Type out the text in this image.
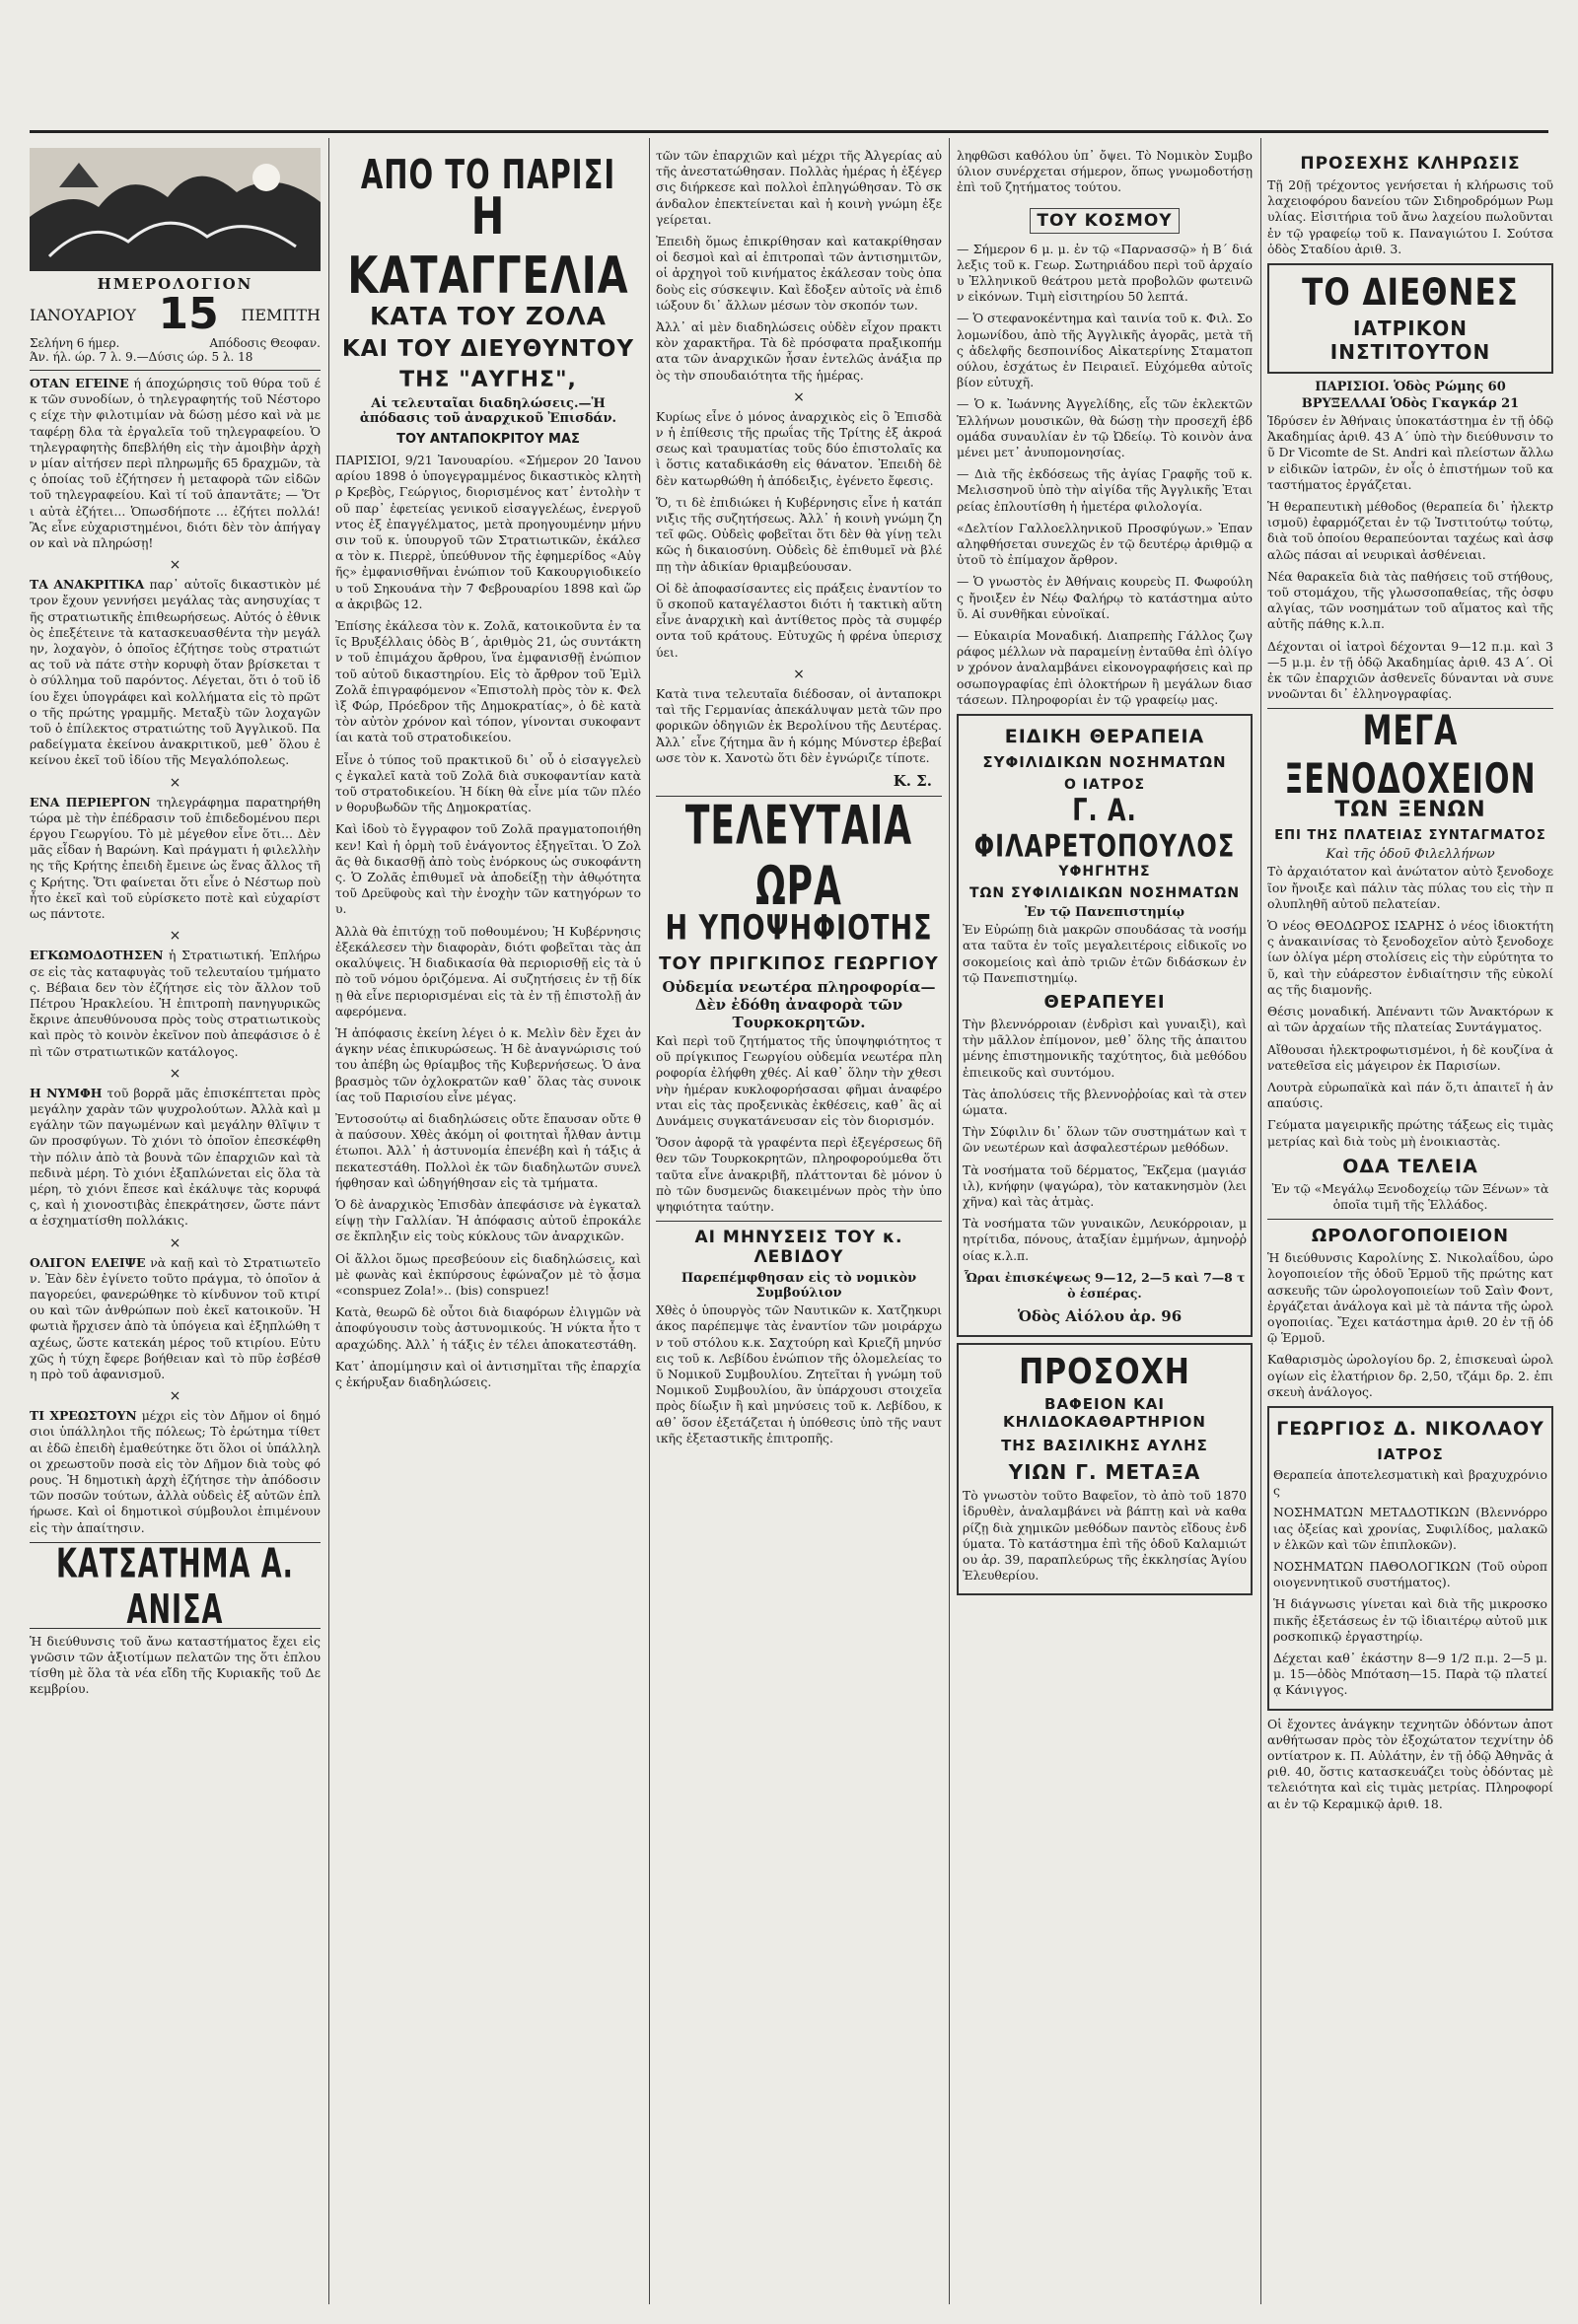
ΗΜΕΡΟΛΟΓΙΟΝ
ΙΑΝΟΥΑΡΙΟΥ 15 ΠΕΜΠΤΗ
Σελήνη 6 ήμερ.	Απόδοσις Θεοφαν.
Άν. ήλ. ώρ. 7 λ. 9.—Δύσις ώρ. 5 λ. 18

ΟΤΑΝ ΕΓΕΙΝΕ ή άποχώρησις τοῦ θύρα τοῦ έκ τῶν συνοδίων, ὁ τηλεγραφητής τοῦ Νέστορος είχε τὴν φιλοτιμίαν νὰ δώσῃ μέσο καὶ νὰ μεταφέρῃ δλα τὰ ἐργαλεῖα τοῦ τηλεγραφείου. Ὁ τηλεγραφητὴς δπεβλήθη εἰς τὴν ἀμοιβὴν ἀρχὴν μίαν αἰτήσεν περὶ πληρωμῆς 65 δραχμῶν, τὰς ὁποίας τοῦ ἐζήτησεν ἡ μεταφορὰ τῶν εἰδῶν τοῦ τηλεγραφείου. Καὶ τί τοῦ ἀπαντᾶτε; — Ὅτι αὐτὰ ἐζήτει... Ὁπωσδήποτε ... ἐζήτει πολλά! Ἂς εἶνε εὐχαριστημένοι, διότι δὲν τὸν ἀπήγαγον καὶ νὰ πληρώσῃ!

×

ΤΑ ΑΝΑΚΡΙΤΙΚΑ παρ᾽ αὐτοῖς δικαστικὸν μέτρον ἔχουν γεννήσει μεγάλας τὰς ανησυχίας τῆς στρατιωτικῆς ἐπιθεωρήσεως. Αὐτός ὁ ἐθνικὸς ἐπεξέτεινε τὰ κατασκευασθέντα τὴν μεγάλην, λοχαγὸν, ὁ ὁποῖος ἐζήτησε τοὺς στρατιώτας τοῦ νὰ πάτε στὴν κορυφὴ ὅταν βρίσκεται τὸ σύλλημα τοῦ παρόντος. Λέγεται, ὅτι ὁ τοῦ ἰδίου ἔχει ὑπογράφει καὶ κολλήματα εἰς τὸ πρῶτο τῆς πρώτης γραμμῆς. Μεταξὺ τῶν λοχαγῶν τοῦ ὁ ἐπίλεκτος στρατιώτης τοῦ Ἀγγλικοῦ. Παραδείγματα ἐκείνου ἀνακριτικοῦ, μεθ᾽ ὅλου ἐκείνου ἐκεῖ τοῦ ἰδίου τῆς Μεγαλόπολεως.

×

ΕΝΑ ΠΕΡΙΕΡΓΟΝ τηλεγράφημα παρατηρήθη τώρα μὲ τὴν ἐπέδρασιν τοῦ ἐπιδεδομένου περιέργου Γεωργίου. Τὸ μὲ μέγεθον εἶνε ὅτι... Δὲν μᾶς εἶδαν ἡ Βαρώνη. Καὶ πράγματι ἡ φιλελλὴνης τῆς Κρήτης ἐπειδὴ ἔμεινε ὡς ἕνας ἄλλος τῆς Κρήτης. Ὅτι φαίνεται ὅτι εἶνε ὁ Νέστωρ ποὺ ἦτο ἐκεῖ καὶ τοῦ εὐρίσκετο ποτὲ καὶ εὐχαρίστως πάντοτε.

×

ΕΓΚΩΜΟΔΟΤΗΣΕΝ ἡ Στρατιωτική. Ἐπλήρωσε εἰς τὰς καταφυγὰς τοῦ τελευταίου τμήματος. Βέβαια δεν τὸν ἐζήτησε εἰς τὸν ἄλλον τοῦ Πέτρου Ἡρακλείου. Ἡ ἐπιτροπὴ πανηγυρικῶς ἔκρινε ἀπευθύνουσα πρὸς τοὺς στρατιωτικοὺς καὶ πρὸς τὸ κοινὸν ἐκεῖνον ποὺ ἀπεφάσισε ὁ ἐπὶ τῶν στρατιωτικῶν κατάλογος.

×

Η ΝΥΜΦΗ τοῦ βορρᾶ μᾶς ἐπισκέπτεται πρὸς μεγάλην χαρὰν τῶν ψυχρολούτων. Ἀλλὰ καὶ μεγάλην τῶν παγωμένων καὶ μεγάλην θλῖψιν τῶν προσφύγων. Τὸ χιόνι τὸ ὁποῖον ἐπεσκέφθη τὴν πόλιν ἀπὸ τὰ βουνὰ τῶν ἐπαρχιῶν καὶ τὰ πεδινὰ μέρη. Τὸ χιόνι ἐξαπλώνεται εἰς ὅλα τὰ μέρη, τὸ χιόνι ἔπεσε καὶ ἐκάλυψε τὰς κορυφάς, καὶ ἡ χιονοστιβὰς ἐπεκράτησεν, ὥστε πάντα ἐσχηματίσθη πολλάκις.

×

ΟΛΙΓΟΝ ΕΛΕΙΨΕ νὰ καῇ καὶ τὸ Στρατιωτεῖον. Ἐὰν δὲν ἐγίνετο τοῦτο πράγμα, τὸ ὁποῖον ἀπαγορεύει, φανερώθηκε τὸ κίνδυνον τοῦ κτιρίου καὶ τῶν ἀνθρώπων ποὺ ἐκεῖ κατοικοῦν. Ἡ φωτιὰ ἤρχισεν ἀπὸ τὰ ὑπόγεια καὶ ἐξηπλώθη ταχέως, ὥστε κατεκάη μέρος τοῦ κτιρίου. Εὐτυχῶς ἡ τύχη ἔφερε βοήθειαν καὶ τὸ πῦρ ἐσβέσθη πρὸ τοῦ ἀφανισμοῦ.

×

ΤΙ ΧΡΕΩΣΤΟΥΝ μέχρι εἰς τὸν Δῆμον οἱ δημόσιοι ὑπάλληλοι τῆς πόλεως; Τὸ ἐρώτημα τίθεται ἐδῶ ἐπειδὴ ἐμαθεύτηκε ὅτι ὅλοι οἱ ὑπάλληλοι χρεωστοῦν ποσὰ εἰς τὸν Δῆμον διὰ τοὺς φόρους. Ἡ δημοτικὴ ἀρχὴ ἐζήτησε τὴν ἀπόδοσιν τῶν ποσῶν τούτων, ἀλλὰ οὐδεὶς ἐξ αὐτῶν ἐπλήρωσε. Καὶ οἱ δημοτικοὶ σύμβουλοι ἐπιμένουν εἰς τὴν ἀπαίτησιν.

ΚΑΤΣΑΤΗΜΑ Α. ΑΝΙΣΑ

Ἡ διεύθυνσις τοῦ ἄνω καταστήματος ἔχει εἰς γνῶσιν τῶν ἀξιοτίμων πελατῶν της ὅτι ἐπλουτίσθη μὲ ὅλα τὰ νέα εἴδη τῆς Κυριακῆς τοῦ Δεκεμβρίου.

ΑΠΟ ΤΟ ΠΑΡΙΣΙ
Η ΚΑΤΑΓΓΕΛΙΑ
ΚΑΤΑ ΤΟΥ ΖΟΛΑ
ΚΑΙ ΤΟΥ ΔΙΕΥΘΥΝΤΟΥ
ΤΗΣ "ΑΥΓΗΣ",
Αἱ τελευταῖαι διαδηλώσεις.—Ἡ ἀπόδασις τοῦ ἀναρχικοῦ Ἐπισδάν.
ΤΟΥ ΑΝΤΑΠΟΚΡΙΤΟΥ ΜΑΣ

ΠΑΡΙΣΙΟΙ, 9/21 Ἰανουαρίου. «Σήμερον 20 Ἰανουαρίου 1898 ὁ ὑπογεγραμμένος δικαστικὸς κλητὴρ Κρεβὸς, Γεώργιος, διορισμένος κατ᾽ ἐντολὴν τοῦ παρ᾽ ἐφετείας γενικοῦ εἰσαγγελέως, ἐνεργοῦντος ἐξ ἐπαγγέλματος, μετὰ προηγουμένην μήνυσιν τοῦ κ. ὑπουργοῦ τῶν Στρατιωτικῶν, ἐκάλεσα τὸν κ. Πιερρὲ, ὑπεύθυνον τῆς ἐφημερίδος «Αὐγῆς» ἐμφανισθῆναι ἐνώπιον τοῦ Κακουργιοδικείου τοῦ Σηκουάνα τὴν 7 Φεβρουαρίου 1898 καὶ ὥρα ἀκριβῶς 12.

Ἐπίσης ἐκάλεσα τὸν κ. Ζολᾶ, κατοικοῦντα ἐν ταῖς Βρυξέλλαις ὁδὸς Β΄, ἀριθμὸς 21, ὡς συντάκτην τοῦ ἐπιμάχου ἄρθρου, ἵνα ἐμφανισθῇ ἐνώπιον τοῦ αὐτοῦ δικαστηρίου. Εἰς τὸ ἄρθρον τοῦ Ἐμὶλ Ζολᾶ ἐπιγραφόμενον «Ἐπιστολὴ πρὸς τὸν κ. Φελὶξ Φώρ, Πρόεδρον τῆς Δημοκρατίας», ὁ δὲ κατὰ τὸν αὐτὸν χρόνον καὶ τόπον, γίνονται συκοφαντίαι κατὰ τοῦ στρατοδικείου.

Εἶνε ὁ τύπος τοῦ πρακτικοῦ δι᾽ οὗ ὁ εἰσαγγελεὺς ἐγκαλεῖ κατὰ τοῦ Ζολᾶ διὰ συκοφαντίαν κατὰ τοῦ στρατοδικείου. Ἡ δίκη θὰ εἶνε μία τῶν πλέον θορυβωδῶν τῆς Δημοκρατίας.

Καὶ ἰδοὺ τὸ ἔγγραφον τοῦ Ζολᾶ πραγματοποιήθηκεν! Καὶ ἡ ὁρμὴ τοῦ ἐνάγοντος ἐξηγεῖται. Ὁ Ζολᾶς θὰ δικασθῇ ἀπὸ τοὺς ἐνόρκους ὡς συκοφάντης. Ὁ Ζολᾶς ἐπιθυμεῖ νὰ ἀποδείξῃ τὴν ἀθῳότητα τοῦ Δρεϋφοὺς καὶ τὴν ἐνοχὴν τῶν κατηγόρων του.

Ἀλλὰ θὰ ἐπιτύχῃ τοῦ ποθουμένου; Ἡ Κυβέρνησις ἐξεκάλεσεν τὴν διαφορὰν, διότι φοβεῖται τὰς ἀποκαλύψεις. Ἡ διαδικασία θὰ περιορισθῇ εἰς τὰ ὑπὸ τοῦ νόμου ὁριζόμενα. Αἱ συζητήσεις ἐν τῇ δίκῃ θὰ εἶνε περιορισμέναι εἰς τὰ ἐν τῇ ἐπιστολῇ ἀναφερόμενα.

Ἡ ἀπόφασις ἐκείνη λέγει ὁ κ. Μελὶν δὲν ἔχει ἀνάγκην νέας ἐπικυρώσεως. Ἡ δὲ ἀναγνώρισις τούτου ἀπέβη ὡς θρίαμβος τῆς Κυβερνήσεως. Ὁ ἀναβρασμὸς τῶν ὀχλοκρατῶν καθ᾽ ὅλας τὰς συνοικίας τοῦ Παρισίου εἶνε μέγας.

Ἐντοσούτῳ αἱ διαδηλώσεις οὔτε ἔπαυσαν οὔτε θὰ παύσουν. Χθὲς ἀκόμη οἱ φοιτηταὶ ἦλθαν ἀντιμέτωποι. Ἀλλ᾽ ἡ ἀστυνομία ἐπενέβη καὶ ἡ τάξις ἀπεκατεστάθη. Πολλοὶ ἐκ τῶν διαδηλωτῶν συνελήφθησαν καὶ ὡδηγήθησαν εἰς τὰ τμήματα.

Ὁ δὲ ἀναρχικὸς Ἐπισδὰν ἀπεφάσισε νὰ ἐγκαταλείψῃ τὴν Γαλλίαν. Ἡ ἀπόφασις αὐτοῦ ἐπροκάλεσε ἔκπληξιν εἰς τοὺς κύκλους τῶν ἀναρχικῶν.

Οἱ ἄλλοι ὅμως πρεσβεύουν εἰς διαδηλώσεις, καὶ μὲ φωνὰς καὶ ἐκπύρσους ἐφώναζον μὲ τὸ ᾆσμα «conspuez Zola!».. (bis) conspuez!

Κατὰ, θεωρῶ δὲ οὗτοι διὰ διαφόρων ἐλιγμῶν νὰ ἀποφύγουσιν τοὺς ἀστυνομικούς. Ἡ νύκτα ἦτο ταραχώδης. Ἀλλ᾽ ἡ τάξις ἐν τέλει ἀποκατεστάθη.

Κατ᾽ ἀπομίμησιν καὶ οἱ ἀντισημῖται τῆς ἐπαρχίας ἐκήρυξαν διαδηλώσεις.

τῶν τῶν ἐπαρχιῶν καὶ μέχρι τῆς Ἀλγερίας αὐτῆς ἀνεστατώθησαν. Πολλὰς ἡμέρας ἡ ἐξέγερσις διήρκεσε καὶ πολλοὶ ἐπληγώθησαν. Τὸ σκάνδαλον ἐπεκτείνεται καὶ ἡ κοινὴ γνώμη ἐξεγείρεται.

Ἐπειδὴ ὅμως ἐπικρίθησαν καὶ κατακρίθησαν οἱ δεσμοὶ καὶ αἱ ἐπιτροπαὶ τῶν ἀντισημιτῶν, οἱ ἀρχηγοὶ τοῦ κινήματος ἐκάλεσαν τοὺς ὀπαδοὺς εἰς σύσκεψιν. Καὶ ἔδοξεν αὐτοῖς νὰ ἐπιδιώξουν δι᾽ ἄλλων μέσων τὸν σκοπόν των.

Ἀλλ᾽ αἱ μὲν διαδηλώσεις οὐδὲν εἶχον πρακτικὸν χαρακτῆρα. Τὰ δὲ πρόσφατα πραξικοπήματα τῶν ἀναρχικῶν ἦσαν ἐντελῶς ἀνάξια πρὸς τὴν σπουδαιότητα τῆς ἡμέρας.

×

Κυρίως εἶνε ὁ μόνος ἀναρχικὸς εἰς ὃ Ἐπισδὰν ἡ ἐπίθεσις τῆς πρωΐας τῆς Τρίτης ἐξ ἀκροάσεως καὶ τραυματίας τοῦς δύο ἐπιστολαῖς καὶ ὅστις καταδικάσθη εἰς θάνατον. Ἐπειδὴ δὲ δὲν κατωρθώθη ἡ ἀπόδειξις, ἐγένετο ἔφεσις.

Ὅ, τι δὲ ἐπιδιώκει ἡ Κυβέρνησις εἶνε ἡ κατάπνιξις τῆς συζητήσεως. Ἀλλ᾽ ἡ κοινὴ γνώμη ζητεῖ φῶς. Οὐδεὶς φοβεῖται ὅτι δὲν θὰ γίνῃ τελικῶς ἡ δικαιοσύνη. Οὐδεὶς δὲ ἐπιθυμεῖ νὰ βλέπῃ τὴν ἀδικίαν θριαμβεύουσαν.

Οἱ δὲ ἀποφασίσαντες εἰς πράξεις ἐναντίον τοῦ σκοποῦ καταγέλαστοι διότι ἡ τακτικὴ αὕτη εἶνε ἀναρχικὴ καὶ ἀντίθετος πρὸς τὰ συμφέροντα τοῦ κράτους. Εὐτυχῶς ἡ φρένα ὑπερισχύει.

×

Κατὰ τινα τελευταῖα διέδοσαν, οἱ ἀνταποκριταὶ τῆς Γερμανίας ἀπεκάλυψαν μετὰ τῶν προφορικῶν ὁδηγιῶν ἐκ Βερολίνου τῆς Δευτέρας. Ἀλλ᾽ εἶνε ζήτημα ἂν ἡ κόμης Μύνστερ ἐβεβαίωσε τὸν κ. Χανοτὼ ὅτι δὲν ἐγνώριζε τίποτε.

Κ. Σ.
ΤΕΛΕΥΤΑΙΑ ΩΡΑ
Η ΥΠΟΨΗΦΙΟΤΗΣ
ΤΟΥ ΠΡΙΓΚΙΠΟΣ ΓΕΩΡΓΙΟΥ
Οὐδεμία νεωτέρα πληροφορία—Δὲν ἐδόθη ἀναφορὰ τῶν Τουρκοκρητῶν.

Καὶ περὶ τοῦ ζητήματος τῆς ὑποψηφιότητος τοῦ πρίγκιπος Γεωργίου οὐδεμία νεωτέρα πληροφορία ἐλήφθη χθές. Αἱ καθ᾽ ὅλην τὴν χθεσινὴν ἡμέραν κυκλοφορήσασαι φῆμαι ἀναφέρονται εἰς τὰς προξενικὰς ἐκθέσεις, καθ᾽ ἃς αἱ Δυνάμεις συγκατάνευσαν εἰς τὸν διορισμόν.

Ὅσον ἀφορᾷ τὰ γραφέντα περὶ ἐξεγέρσεως δῆθεν τῶν Τουρκοκρητῶν, πληροφορούμεθα ὅτι ταῦτα εἶνε ἀνακριβῆ, πλάττονται δὲ μόνον ὑπὸ τῶν δυσμενῶς διακειμένων πρὸς τὴν ὑποψηφιότητα ταύτην.

ΑΙ ΜΗΝΥΣΕΙΣ ΤΟΥ κ. ΛΕΒΙΔΟΥ
Παρεπέμφθησαν εἰς τὸ νομικὸν Συμβούλιον

Χθὲς ὁ ὑπουργὸς τῶν Ναυτικῶν κ. Χατζηκυριάκος παρέπεμψε τὰς ἐναντίον τῶν μοιράρχων τοῦ στόλου κ.κ. Σαχτούρη καὶ Κριεζῆ μηνύσεις τοῦ κ. Λεβίδου ἐνώπιον τῆς ὁλομελείας τοῦ Νομικοῦ Συμβουλίου. Ζητεῖται ἡ γνώμη τοῦ Νομικοῦ Συμβουλίου, ἂν ὑπάρχουσι στοιχεῖα πρὸς δίωξιν ἢ καὶ μηνύσεις τοῦ κ. Λεβίδου, καθ᾽ ὅσον ἐξετάζεται ἡ ὑπόθεσις ὑπὸ τῆς ναυτικῆς ἐξεταστικῆς ἐπιτροπῆς.

ληφθῶσι καθόλου ὑπ᾽ ὄψει. Τὸ Νομικὸν Συμβούλιον συνέρχεται σήμερον, ὅπως γνωμοδοτήσῃ ἐπὶ τοῦ ζητήματος τούτου.

ΤΟΥ ΚΟΣΜΟΥ

— Σήμερον 6 μ. μ. ἐν τῷ «Παρνασσῷ» ἡ Β΄ διάλεξις τοῦ κ. Γεωρ. Σωτηριάδου περὶ τοῦ ἀρχαίου Ἑλληνικοῦ θεάτρου μετὰ προβολῶν φωτεινῶν εἰκόνων. Τιμὴ εἰσιτηρίου 50 λεπτά.

— Ὁ στεφανοκέντημα καὶ ταινία τοῦ κ. Φιλ. Σολομωνίδου, ἀπὸ τῆς Ἀγγλικῆς ἀγορᾶς, μετὰ τῆς ἀδελφῆς δεσποινίδος Αἰκατερίνης Σταματοπούλου, ἐσχάτως ἐν Πειραιεῖ. Εὐχόμεθα αὐτοῖς βίον εὐτυχῆ.

— Ὁ κ. Ἰωάννης Ἀγγελίδης, εἷς τῶν ἐκλεκτῶν Ἑλλήνων μουσικῶν, θὰ δώσῃ τὴν προσεχῆ ἑβδομάδα συναυλίαν ἐν τῷ Ὠδείῳ. Τὸ κοινὸν ἀναμένει μετ᾽ ἀνυπομονησίας.

— Διὰ τῆς ἐκδόσεως τῆς ἀγίας Γραφῆς τοῦ κ. Μελισσηνοῦ ὑπὸ τὴν αἰγίδα τῆς Ἀγγλικῆς Ἐταιρείας ἐπλουτίσθη ἡ ἡμετέρα φιλολογία.

«Δελτίον Γαλλοελληνικοῦ Προσφύγων.» Ἐπαναληφθήσεται συνεχῶς ἐν τῷ δευτέρῳ ἀριθμῷ αὐτοῦ τὸ ἐπίμαχον ἄρθρον.

— Ὁ γνωστὸς ἐν Ἀθήναις κουρεὺς Π. Φωφούλης ἤνοιξεν ἐν Νέῳ Φαλήρῳ τὸ κατάστημα αὐτοῦ. Αἱ συνθῆκαι εὐνοϊκαί.

— Εὐκαιρία Μοναδική. Διαπρεπὴς Γάλλος ζωγράφος μέλλων νὰ παραμείνῃ ἐνταῦθα ἐπὶ ὀλίγον χρόνον ἀναλαμβάνει εἰκονογραφήσεις καὶ προσωπογραφίας ἐπὶ ὁλοκτήρων ἢ μεγάλων διαστάσεων. Πληροφορίαι ἐν τῷ γραφείῳ μας.

ΕΙΔΙΚΗ ΘΕΡΑΠΕΙΑ
ΣΥΦΙΛΙΔΙΚΩΝ ΝΟΣΗΜΑΤΩΝ
Ο ΙΑΤΡΟΣ
Γ. Α. ΦΙΛΑΡΕΤΟΠΟΥΛΟΣ
ΥΦΗΓΗΤΗΣ
ΤΩΝ ΣΥΦΙΛΙΔΙΚΩΝ ΝΟΣΗΜΑΤΩΝ
Ἐν τῷ Πανεπιστημίῳ

Ἐν Εὐρώπῃ διὰ μακρῶν σπουδάσας τὰ νοσήματα ταῦτα ἐν τοῖς μεγαλειτέροις εἰδικοῖς νοσοκομείοις καὶ ἀπὸ τριῶν ἐτῶν διδάσκων ἐν τῷ Πανεπιστημίῳ.

ΘΕΡΑΠΕΥΕΙ

Τὴν βλεννόρροιαν (ἐνδρὶσι καὶ γυναιξὶ), καὶ τὴν μᾶλλον ἐπίμονον, μεθ᾽ ὅλης τῆς ἀπαιτουμένης ἐπιστημονικῆς ταχύτητος, διὰ μεθόδου ἐπιεικοῦς καὶ συντόμου.

Τὰς ἀπολύσεις τῆς βλεννοῤῥοίας καὶ τὰ στενώματα.

Τὴν Σύφιλιν δι᾽ ὅλων τῶν συστημάτων καὶ τῶν νεωτέρων καὶ ἀσφαλεστέρων μεθόδων.

Τὰ νοσήματα τοῦ δέρματος, Ἔκζεμα (μαγιάσιλ), κνήφην (ψαγώρα), τὸν κατακνησμὸν (λειχῆνα) καὶ τὰς ἀτμὰς.

Τὰ νοσήματα τῶν γυναικῶν, Λευκόρροιαν, μητρίτιδα, πόνους, ἀταξίαν ἐμμήνων, ἀμηνοῤῥοίας κ.λ.π.

Ὧραι ἐπισκέψεως 9—12, 2—5 καὶ 7—8 τὸ ἑσπέρας.

Ὁδὸς Αἰόλου ἀρ. 96
ΠΡΟΣΟΧΗ
ΒΑΦΕΙΟΝ ΚΑΙ ΚΗΛΙΔΟΚΑΘΑΡΤΗΡΙΟΝ
ΤΗΣ ΒΑΣΙΛΙΚΗΣ ΑΥΛΗΣ
ΥΙΩΝ Γ. ΜΕΤΑΞΑ

Τὸ γνωστὸν τοῦτο Βαφεῖον, τὸ ἀπὸ τοῦ 1870 ἱδρυθὲν, ἀναλαμβάνει νὰ βάπτῃ καὶ νὰ καθαρίζῃ διὰ χημικῶν μεθόδων παντὸς εἴδους ἐνδύματα. Τὸ κατάστημα ἐπὶ τῆς ὁδοῦ Καλαμιώτου ἀρ. 39, παραπλεύρως τῆς ἐκκλησίας Ἁγίου Ἐλευθερίου.

ΠΡΟΣΕΧΗΣ ΚΛΗΡΩΣΙΣ

Τῇ 20ῇ τρέχοντος γενήσεται ἡ κλήρωσις τοῦ λαχειοφόρου δανείου τῶν Σιδηροδρόμων Ρωμυλίας. Εἰσιτήρια τοῦ ἄνω λαχείου πωλοῦνται ἐν τῷ γραφείῳ τοῦ κ. Παναγιώτου Ι. Σούτσα ὁδὸς Σταδίου ἀριθ. 3.

ΤΟ ΔΙΕΘΝΕΣ
ΙΑΤΡΙΚΟΝ ΙΝΣΤΙΤΟΥΤΟΝ
ΠΑΡΙΣΙΟΙ. Ὁδὸς Ρώμης 60
ΒΡΥΞΕΛΛΑΙ Ὁδὸς Γκαγκάρ 21

Ἱδρύσεν ἐν Ἀθήναις ὑποκατάστημα ἐν τῇ ὁδῷ Ἀκαδημίας ἀριθ. 43 Α΄ ὑπὸ τὴν διεύθυνσιν τοῦ Dr Vicomte de St. Andri καὶ πλείστων ἄλλων εἰδικῶν ἰατρῶν, ἐν οἷς ὁ ἐπιστήμων τοῦ καταστήματος ἐργάζεται.

Ἡ θεραπευτικὴ μέθοδος (θεραπεία δι᾽ ἠλεκτρισμοῦ) ἐφαρμόζεται ἐν τῷ Ἰνστιτούτῳ τούτῳ, διὰ τοῦ ὁποίου θεραπεύονται ταχέως καὶ ἀσφαλῶς πάσαι αἱ νευρικαὶ ἀσθένειαι.

Νέα θαρακεῖα διὰ τὰς παθήσεις τοῦ στήθους, τοῦ στομάχου, τῆς γλωσσοπαθείας, τῆς ὀσφυαλγίας, τῶν νοσημάτων τοῦ αἵματος καὶ τῆς αὐτῆς πάθης κ.λ.π.

Δέχονται οἱ ἰατροὶ δέχονται 9—12 π.μ. καὶ 3—5 μ.μ. ἐν τῇ ὁδῷ Ἀκαδημίας ἀριθ. 43 Α΄. Οἱ ἐκ τῶν ἐπαρχιῶν ἀσθενεῖς δύνανται νὰ συνεννοῶνται δι᾽ ἐλληνογραφίας.

ΜΕΓΑ ΞΕΝΟΔΟΧΕΙΟΝ
ΤΩΝ ΞΕΝΩΝ
ΕΠΙ ΤΗΣ ΠΛΑΤΕΙΑΣ ΣΥΝΤΑΓΜΑΤΟΣ
Καὶ τῆς ὁδοῦ Φιλελλήνων

Τὸ ἀρχαιότατον καὶ ἀνώτατον αὐτὸ ξενοδοχεῖον ἤνοιξε καὶ πάλιν τὰς πύλας του εἰς τὴν πολυπληθῆ αὐτοῦ πελατείαν.

Ὁ νέος ΘΕΟΔΩΡΟΣ ΙΣΑΡΗΣ ὁ νέος ἰδιοκτήτης ἀνακαινίσας τὸ ξενοδοχεῖον αὐτὸ ξενοδοχείων ὀλίγα μέρη στολίσεις εἰς τὴν εὐρύτητα τοῦ, καὶ τὴν εὐάρεστον ἐνδιαίτησιν τῆς εὐκολίας τῆς διαμονῆς.

Θέσις μοναδική. Ἀπέναντι τῶν Ἀνακτόρων καὶ τῶν ἀρχαίων τῆς πλατείας Συντάγματος.

Αἴθουσαι ἠλεκτροφωτισμένοι, ἡ δὲ κουζίνα ἀνατεθεῖσα εἰς μάγειρον ἐκ Παρισίων.

Λουτρὰ εὐρωπαϊκὰ καὶ πάν ὅ,τι ἀπαιτεῖ ἡ ἀναπαύσις.

Γεύματα μαγειρικῆς πρώτης τάξεως εἰς τιμὰς μετρίας καὶ διὰ τοὺς μὴ ἐνοικιαστὰς.

ΟΔΑ ΤΕΛΕΙΑ

Ἐν τῷ «Μεγάλῳ Ξενοδοχείῳ τῶν Ξένων» τὰ ὁποῖα τιμῆ τῆς Ἑλλάδος.

ΩΡΟΛΟΓΟΠΟΙΕΙΟΝ

Ἡ διεύθυνσις Καρολίνης Σ. Νικολαΐδου, ὡρολογοποιείον τῆς ὁδοῦ Ἑρμοῦ τῆς πρώτης κατασκευῆς τῶν ὡρολογοποιείων τοῦ Σαὶν Φοντ, ἐργάζεται ἀνάλογα καὶ μὲ τὰ πάντα τῆς ὡρολογοποιίας. Ἔχει κατάστημα ἀριθ. 20 ἐν τῇ ὁδῷ Ἑρμοῦ.

Καθαρισμὸς ὡρολογίου δρ. 2, ἐπισκευαὶ ὡρολογίων εἰς ἐλατήριον δρ. 2,50, τζάμι δρ. 2. ἐπισκευὴ ἀνάλογος.

ΓΕΩΡΓΙΟΣ Δ. ΝΙΚΟΛΑΟΥ
ΙΑΤΡΟΣ

Θεραπεία ἀποτελεσματικὴ καὶ βραχυχρόνιος

ΝΟΣΗΜΑΤΩΝ ΜΕΤΑΔΟΤΙΚΩΝ (Βλεννόρροιας ὀξείας καὶ χρονίας, Συφιλίδος, μαλακῶν ἑλκῶν καὶ τῶν ἐπιπλοκῶν).

ΝΟΣΗΜΑΤΩΝ ΠΑΘΟΛΟΓΙΚΩΝ (Τοῦ οὐροποιογεννητικοῦ συστήματος).

Ἡ διάγνωσις γίνεται καὶ διὰ τῆς μικροσκοπικῆς ἐξετάσεως ἐν τῷ ἰδιαιτέρῳ αὐτοῦ μικροσκοπικῷ ἐργαστηρίῳ.

Δέχεται καθ᾽ ἑκάστην 8—9 1/2 π.μ. 2—5 μ.μ. 15—ὁδὸς Μπόταση—15. Παρὰ τῷ πλατείᾳ Κάνιγγος.

Οἱ ἔχοντες ἀνάγκην τεχνητῶν ὀδόντων ἀποτανθήτωσαν πρὸς τὸν ἐξοχώτατον τεχνίτην ὀδοντίατρον κ. Π. Αὐλάτην, ἐν τῇ ὁδῷ Ἀθηνᾶς ἀριθ. 40, ὅστις κατασκευάζει τοὺς ὀδόντας μὲ τελειότητα καὶ εἰς τιμὰς μετρίας. Πληροφορίαι ἐν τῷ Κεραμικῷ ἀριθ. 18.
